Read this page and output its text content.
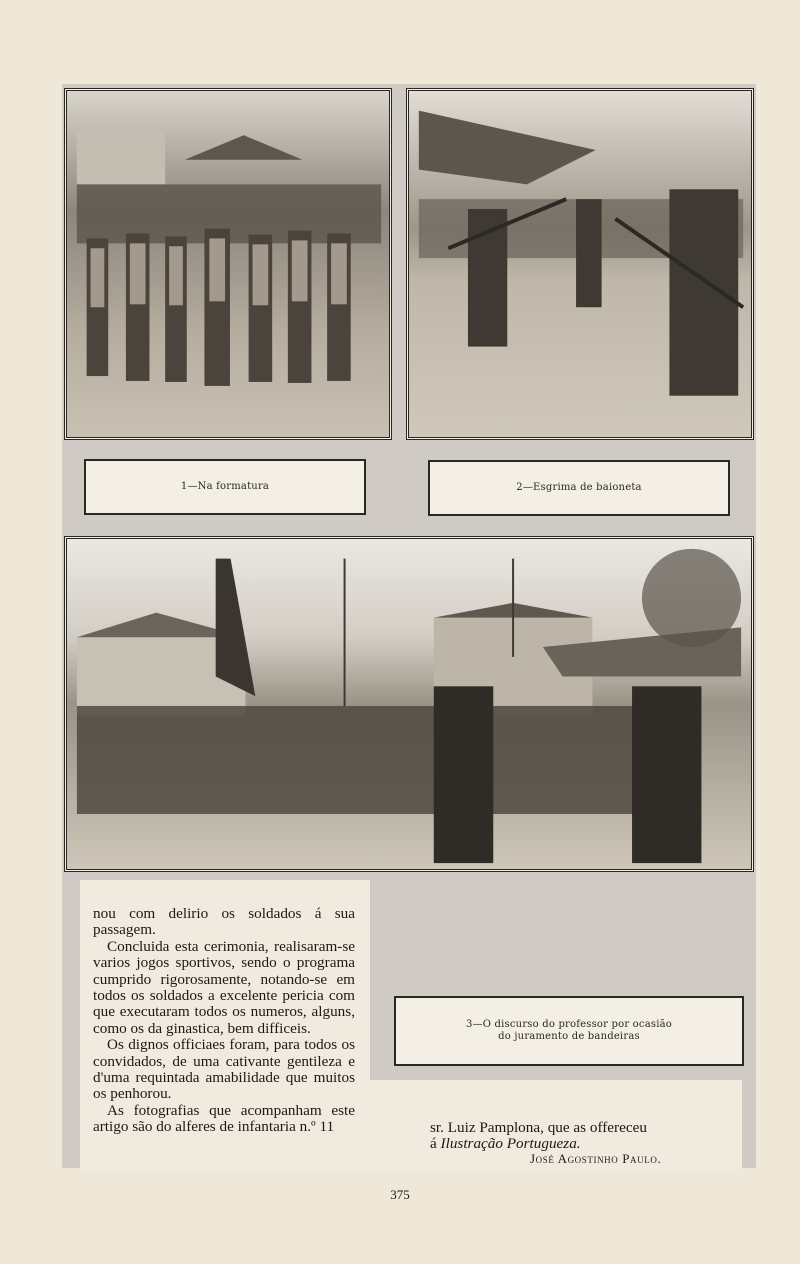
1—Na formatura	2—Esgrima de baioneta
3—O discurso do professor por ocasião
do juramento de bandeiras

nou com delirio os soldados á sua passagem.

Concluida esta cerimonia, realisaram-se varios jogos sportivos, sendo o programa cumprido rigorosamente, notando-se em todos os soldados a excelente pericia com que executaram todos os numeros, alguns, como os da ginastica, bem difficeis.

Os dignos officiaes foram, para todos os convidados, de uma cativante gentileza e d'uma requintada amabilidade que muitos os penhorou.

As fotografias que acompanham este artigo são do alferes de infantaria n.º 11	sr. Luiz Pamplona, que as offereceu

á Ilustração Portugueza.

José Agostinho Paulo.
375
